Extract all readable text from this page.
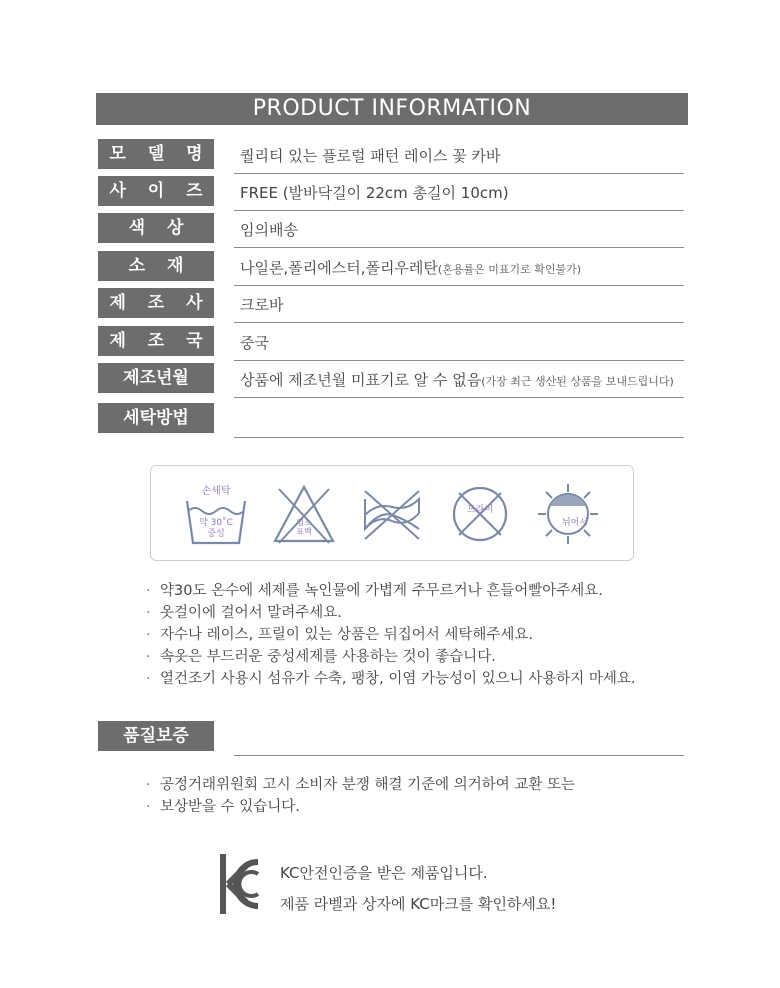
PRODUCT INFORMATION
모 델 명	퀄리티 있는 플로럴 패턴 레이스 꽃 카바
사 이 즈	FREE (발바닥길이 22cm 총길이 10cm)
색 상	임의배송
소 재	나일론,폴리에스터,폴리우레탄(혼용률은 미표기로 확인불가)
제 조 사	크로바
제 조 국	중국
제조년월	상품에 제조년월 미표기로 알 수 없음(가장 최근 생산된 상품을 보내드립니다)
세탁방법
손세탁
약 30˚C
중성
염소
표백
드라이
뉘어서
· 약30도 온수에 세제를 녹인물에 가볍게 주무르거나 흔들어빨아주세요.
· 옷걸이에 걸어서 말려주세요.
· 자수나 레이스, 프릴이 있는 상품은 뒤집어서 세탁해주세요.
· 속옷은 부드러운 중성세제를 사용하는 것이 좋습니다.
· 열건조기 사용시 섬유가 수축, 팽창, 이염 가능성이 있으니 사용하지 마세요.
품질보증
· 공정거래위원회 고시 소비자 분쟁 해결 기준에 의거하여 교환 또는
· 보상받을 수 있습니다.
KC안전인증을 받은 제품입니다.
제품 라벨과 상자에 KC마크를 확인하세요!
